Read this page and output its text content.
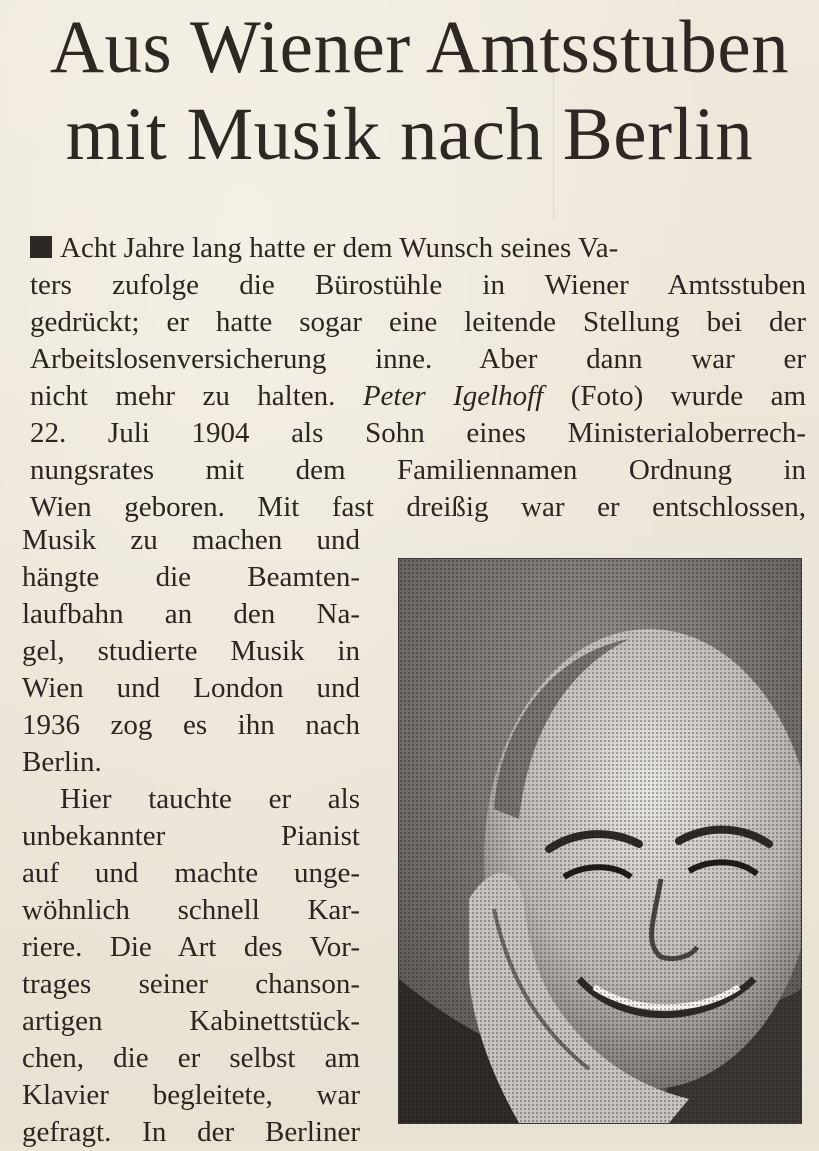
Aus Wiener Amtsstuben
mit Musik nach Berlin
Acht Jahre lang hatte er dem Wunsch seines Va-
ters zufolge die Bürostühle in Wiener Amtsstuben
gedrückt; er hatte sogar eine leitende Stellung bei der
Arbeitslosenversicherung inne. Aber dann war er
nicht mehr zu halten. Peter Igelhoff (Foto) wurde am
22. Juli 1904 als Sohn eines Ministerialoberrech-
nungsrates mit dem Familiennamen Ordnung in
Wien geboren. Mit fast dreißig war er entschlossen,
Musik zu machen und
hängte die Beamten-
laufbahn an den Na-
gel, studierte Musik in
Wien und London und
1936 zog es ihn nach
Berlin.
Hier tauchte er als
unbekannter Pianist
auf und machte unge-
wöhnlich schnell Kar-
riere. Die Art des Vor-
trages seiner chanson-
artigen Kabinettstück-
chen, die er selbst am
Klavier begleitete, war
gefragt. In der Berliner
